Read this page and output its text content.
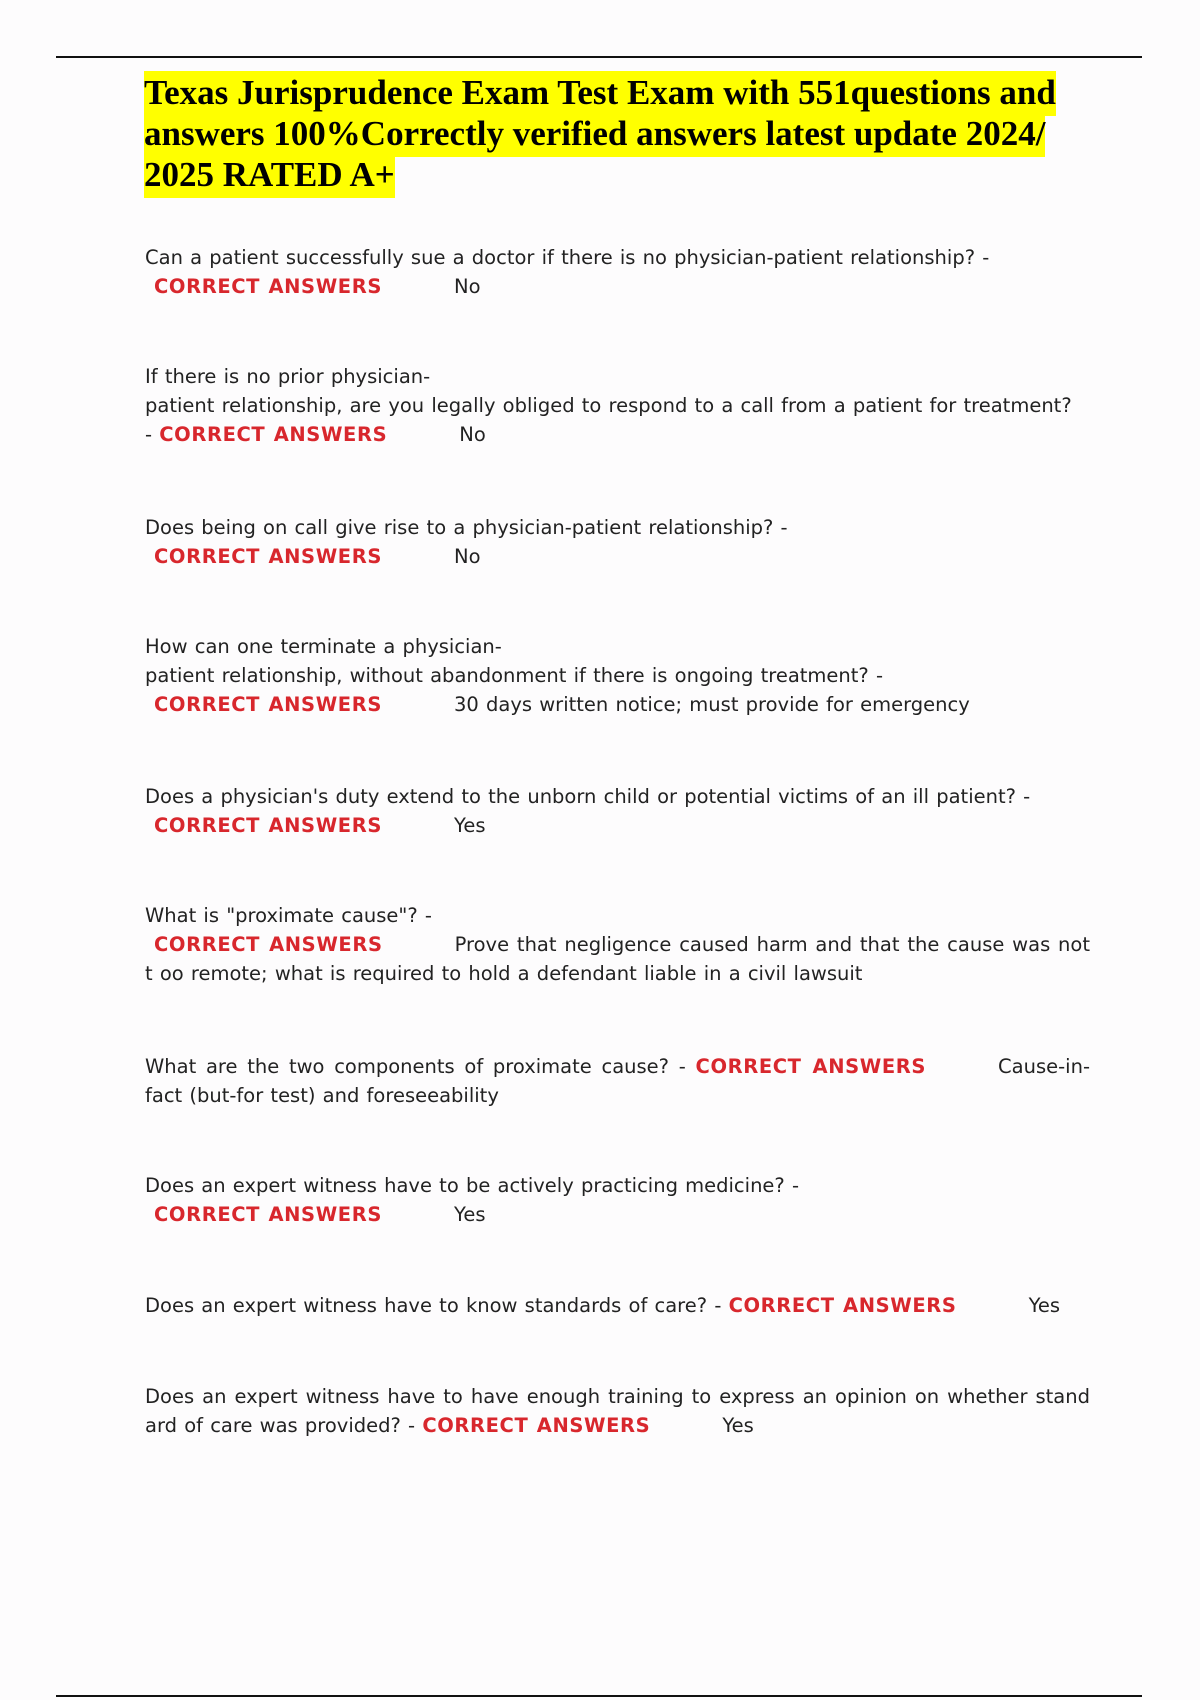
Texas Jurisprudence Exam Test Exam with 551questions and answers 100%Correctly verified answers latest update 2024/ 2025 RATED A+
Can a patient successfully sue a doctor if there is no physician-patient relationship? -
CORRECT ANSWERS	No
If there is no prior physician-
patient relationship, are you legally obliged to respond to a call from a patient for treatment?
- CORRECT ANSWERS	No
Does being on call give rise to a physician-patient relationship? -
CORRECT ANSWERS	No
How can one terminate a physician-
patient relationship, without abandonment if there is ongoing treatment? -
CORRECT ANSWERS	30 days written notice; must provide for emergency
Does a physician's duty extend to the unborn child or potential victims of an ill patient? -
CORRECT ANSWERS	Yes
What is "proximate cause"? -
CORRECT ANSWERS	Prove that negligence caused harm and that the cause was not t oo remote; what is required to hold a defendant liable in a civil lawsuit
What are the two components of proximate cause? - CORRECT ANSWERS	Cause-in-fact (but-for test) and foreseeability
Does an expert witness have to be actively practicing medicine? -
CORRECT ANSWERS	Yes
Does an expert witness have to know standards of care? - CORRECT ANSWERS	Yes
Does an expert witness have to have enough training to express an opinion on whether stand ard of care was provided? - CORRECT ANSWERS	Yes
